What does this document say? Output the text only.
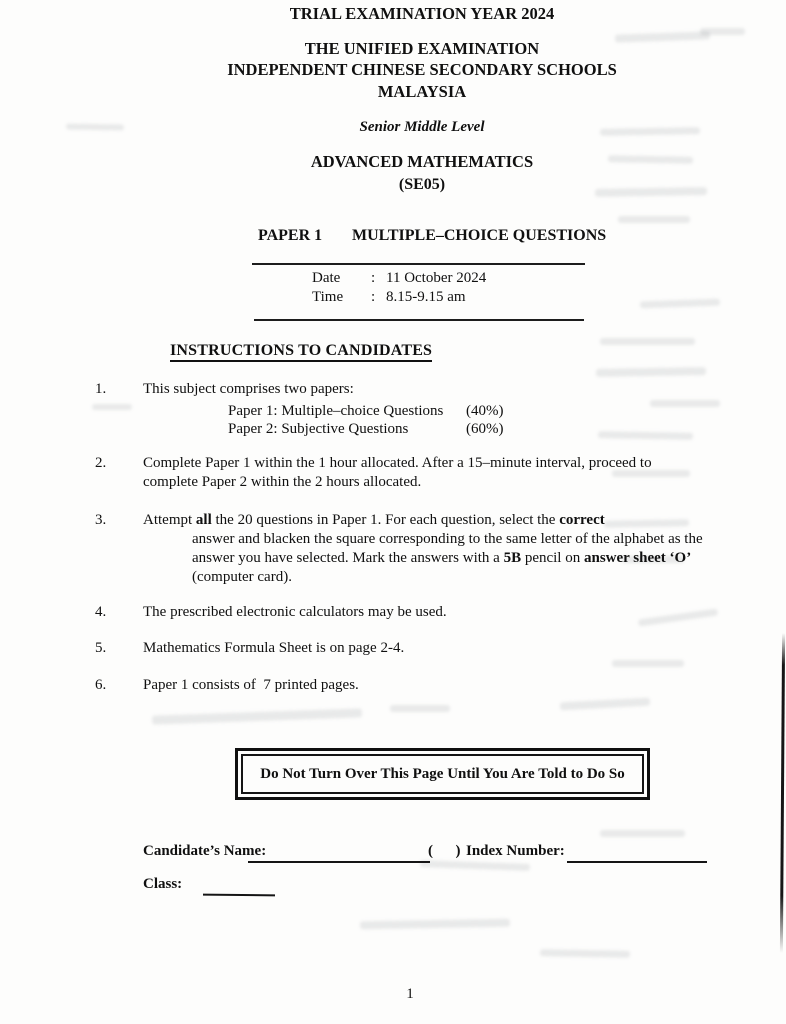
TRIAL EXAMINATION YEAR 2024
THE UNIFIED EXAMINATION
INDEPENDENT CHINESE SECONDARY SCHOOLS
MALAYSIA
Senior Middle Level
ADVANCED MATHEMATICS
(SE05)
PAPER 1 MULTIPLE–CHOICE QUESTIONS
Date : 11 October 2024
Time : 8.15-9.15 am
INSTRUCTIONS TO CANDIDATES
1. This subject comprises two papers:
Paper 1: Multiple–choice Questions (40%)
Paper 2: Subjective Questions	(60%)
2. Complete Paper 1 within the 1 hour allocated. After a 15–minute interval, proceed to
complete Paper 2 within the 2 hours allocated.
3. Attempt all the 20 questions in Paper 1. For each question, select the correct
answer and blacken the square corresponding to the same letter of the alphabet as the
answer you have selected. Mark the answers with a 5B pencil on answer sheet ‘O’
(computer card).
4. The prescribed electronic calculators may be used.
5. Mathematics Formula Sheet is on page 2-4.
6. Paper 1 consists of  7 printed pages.
Do Not Turn Over This Page Until You Are Told to Do So
Candidate’s Name:	(      ) Index Number:
Class:
1
